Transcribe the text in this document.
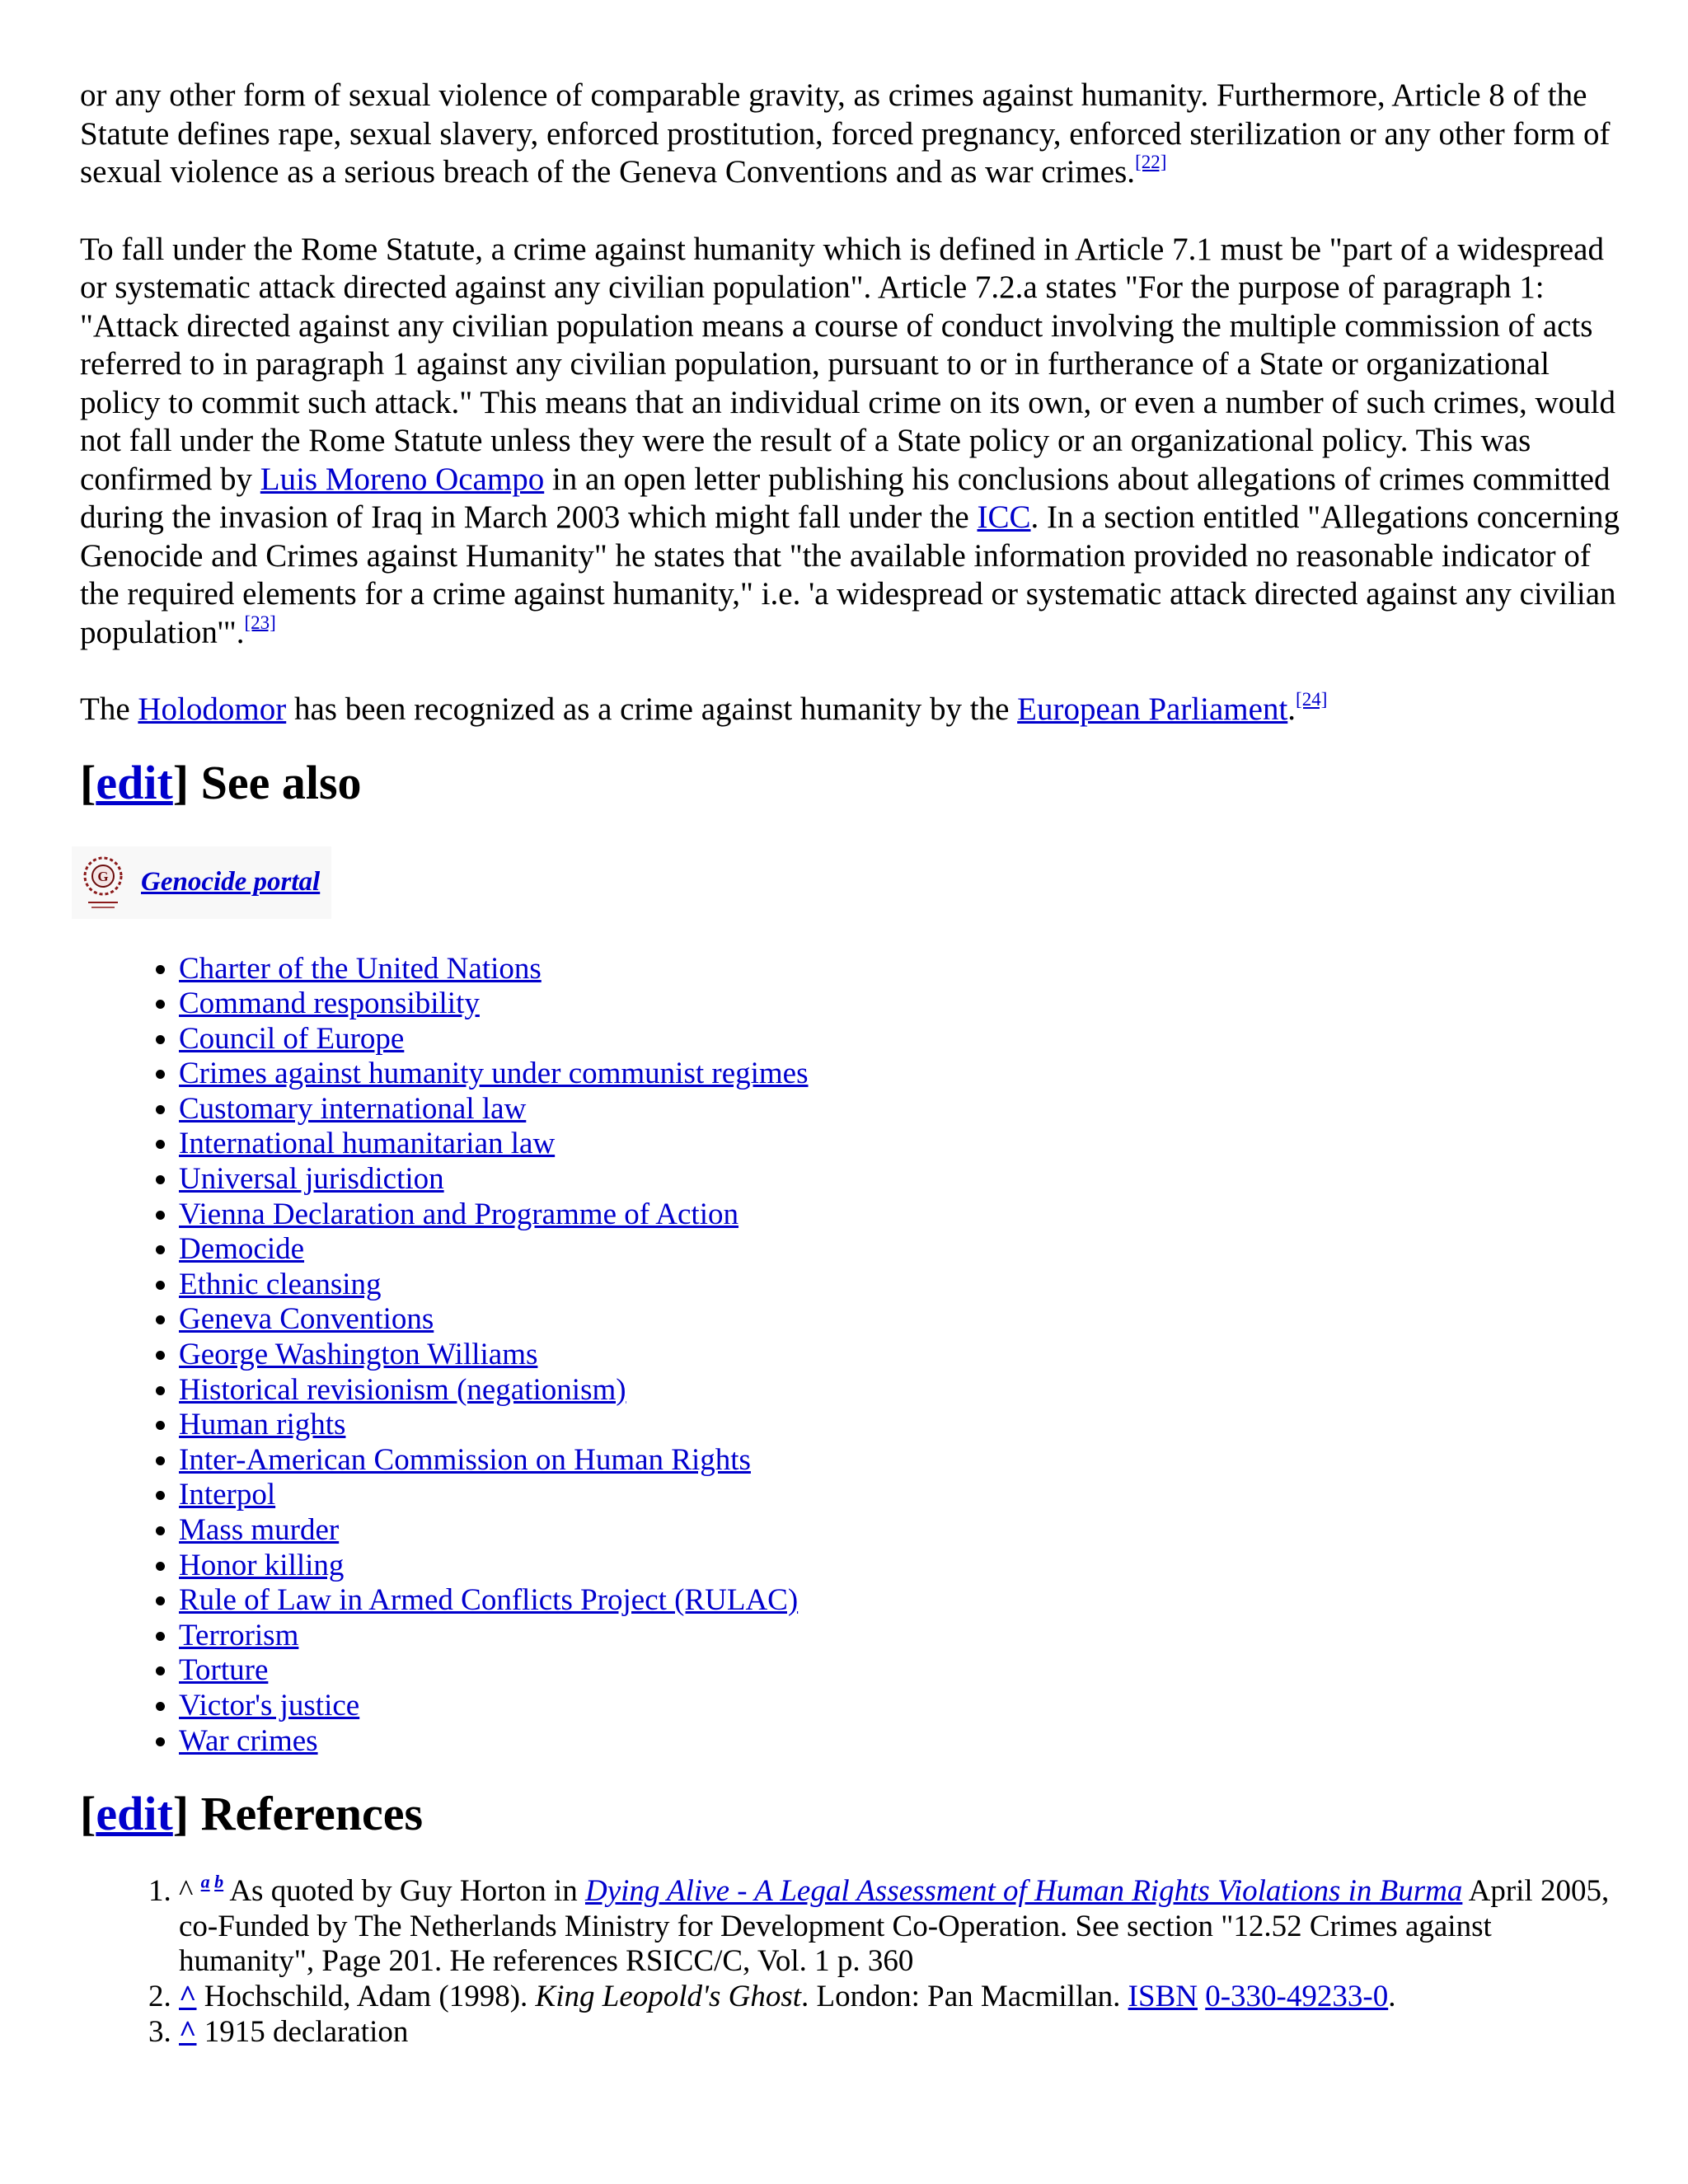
or any other form of sexual violence of comparable gravity, as crimes against humanity. Furthermore, Article 8 of the Statute defines rape, sexual slavery, enforced prostitution, forced pregnancy, enforced sterilization or any other form of sexual violence as a serious breach of the Geneva Conventions and as war crimes.[22]

To fall under the Rome Statute, a crime against humanity which is defined in Article 7.1 must be "part of a widespread or systematic attack directed against any civilian population". Article 7.2.a states "For the purpose of paragraph 1: "Attack directed against any civilian population means a course of conduct involving the multiple commission of acts referred to in paragraph 1 against any civilian population, pursuant to or in furtherance of a State or organizational policy to commit such attack." This means that an individual crime on its own, or even a number of such crimes, would not fall under the Rome Statute unless they were the result of a State policy or an organizational policy. This was confirmed by Luis Moreno Ocampo in an open letter publishing his conclusions about allegations of crimes committed during the invasion of Iraq in March 2003 which might fall under the ICC. In a section entitled "Allegations concerning Genocide and Crimes against Humanity" he states that "the available information provided no reasonable indicator of the required elements for a crime against humanity," i.e. 'a widespread or systematic attack directed against any civilian population'".[23]

The Holodomor has been recognized as a crime against humanity by the European Parliament.[24]

[edit] See also
G Genocide portal
• Charter of the United Nations
• Command responsibility
• Council of Europe
• Crimes against humanity under communist regimes
• Customary international law
• International humanitarian law
• Universal jurisdiction
• Vienna Declaration and Programme of Action
• Democide
• Ethnic cleansing
• Geneva Conventions
• George Washington Williams
• Historical revisionism (negationism)
• Human rights
• Inter-American Commission on Human Rights
• Interpol
• Mass murder
• Honor killing
• Rule of Law in Armed Conflicts Project (RULAC)
• Terrorism
• Torture
• Victor's justice
• War crimes
[edit] References
1. ^ $^{a b}$ As quoted by Guy Horton in Dying Alive - A Legal Assessment of Human Rights Violations in Burma April 2005, co-Funded by The Netherlands Ministry for Development Co-Operation. See section "12.52 Crimes against humanity", Page 201. He references RSICC/C, Vol. 1 p. 360
2. ^ Hochschild, Adam (1998). King Leopold's Ghost. London: Pan Macmillan. ISBN 0-330-49233-0.
3. ^ 1915 declaration
